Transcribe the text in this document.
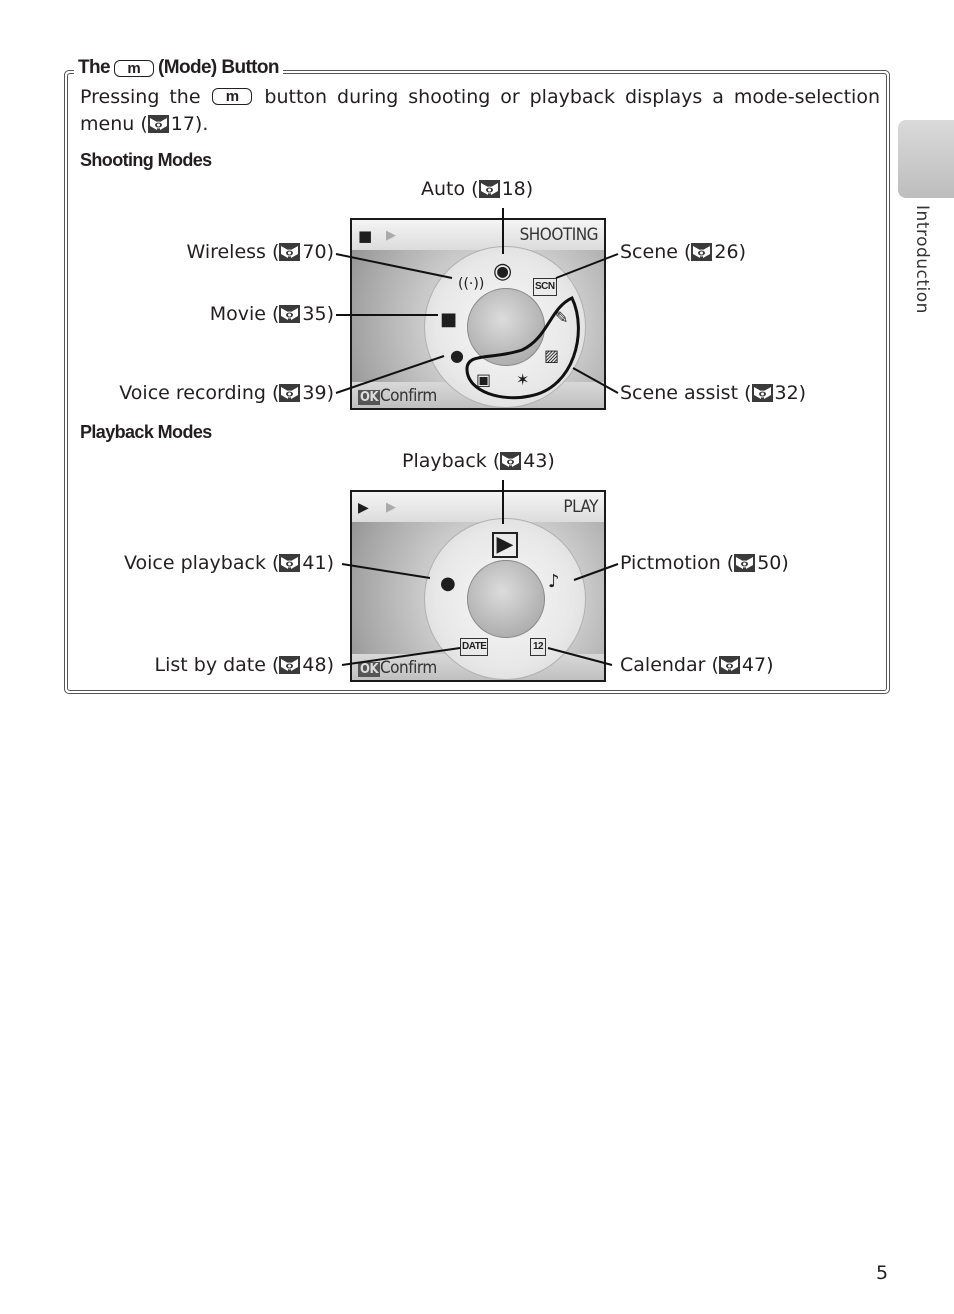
The	m (Mode) Button
Pressing the m button during shooting or playback displays a mode-selection menu ( 17).
Shooting Modes
■ ▶	SHOOTING
OK Confirm
◉
((·))	SCN
■	✎
●	▨
▣ ✶
Playback Modes
▶ ▶	PLAY
OK Confirm
▶
●	♪
DATE	12
Auto ( 18)
Wireless ( 70)
Movie ( 35)
Voice recording ( 39)
Scene ( 26)
Scene assist ( 32)
Playback ( 43)
Voice playback ( 41)
List by date ( 48)
Pictmotion ( 50)
Calendar ( 47)
Introduction
5
